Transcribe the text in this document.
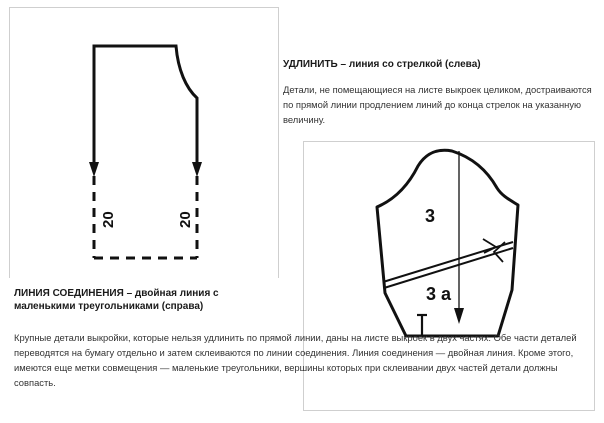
20	20	3
3 а
УДЛИНИТЬ – линия со стрелкой (слева)
Детали, не помещающиеся на листе выкроек целиком, достраиваются по прямой линии продлением линий до конца стрелок на указанную величину.
ЛИНИЯ СОЕДИНЕНИЯ – двойная линия с маленькими треугольниками (справа)
Крупные детали выкройки, которые нельзя удлинить по прямой линии, даны на листе выкроек в двух частях. Обе части деталей переводятся на бумагу отдельно и затем склеиваются по линии соединения. Линия соединения — двойная линия. Кроме этого, имеются еще метки совмещения — маленькие треугольники, вершины которых при склеивании двух частей детали должны совпасть.
